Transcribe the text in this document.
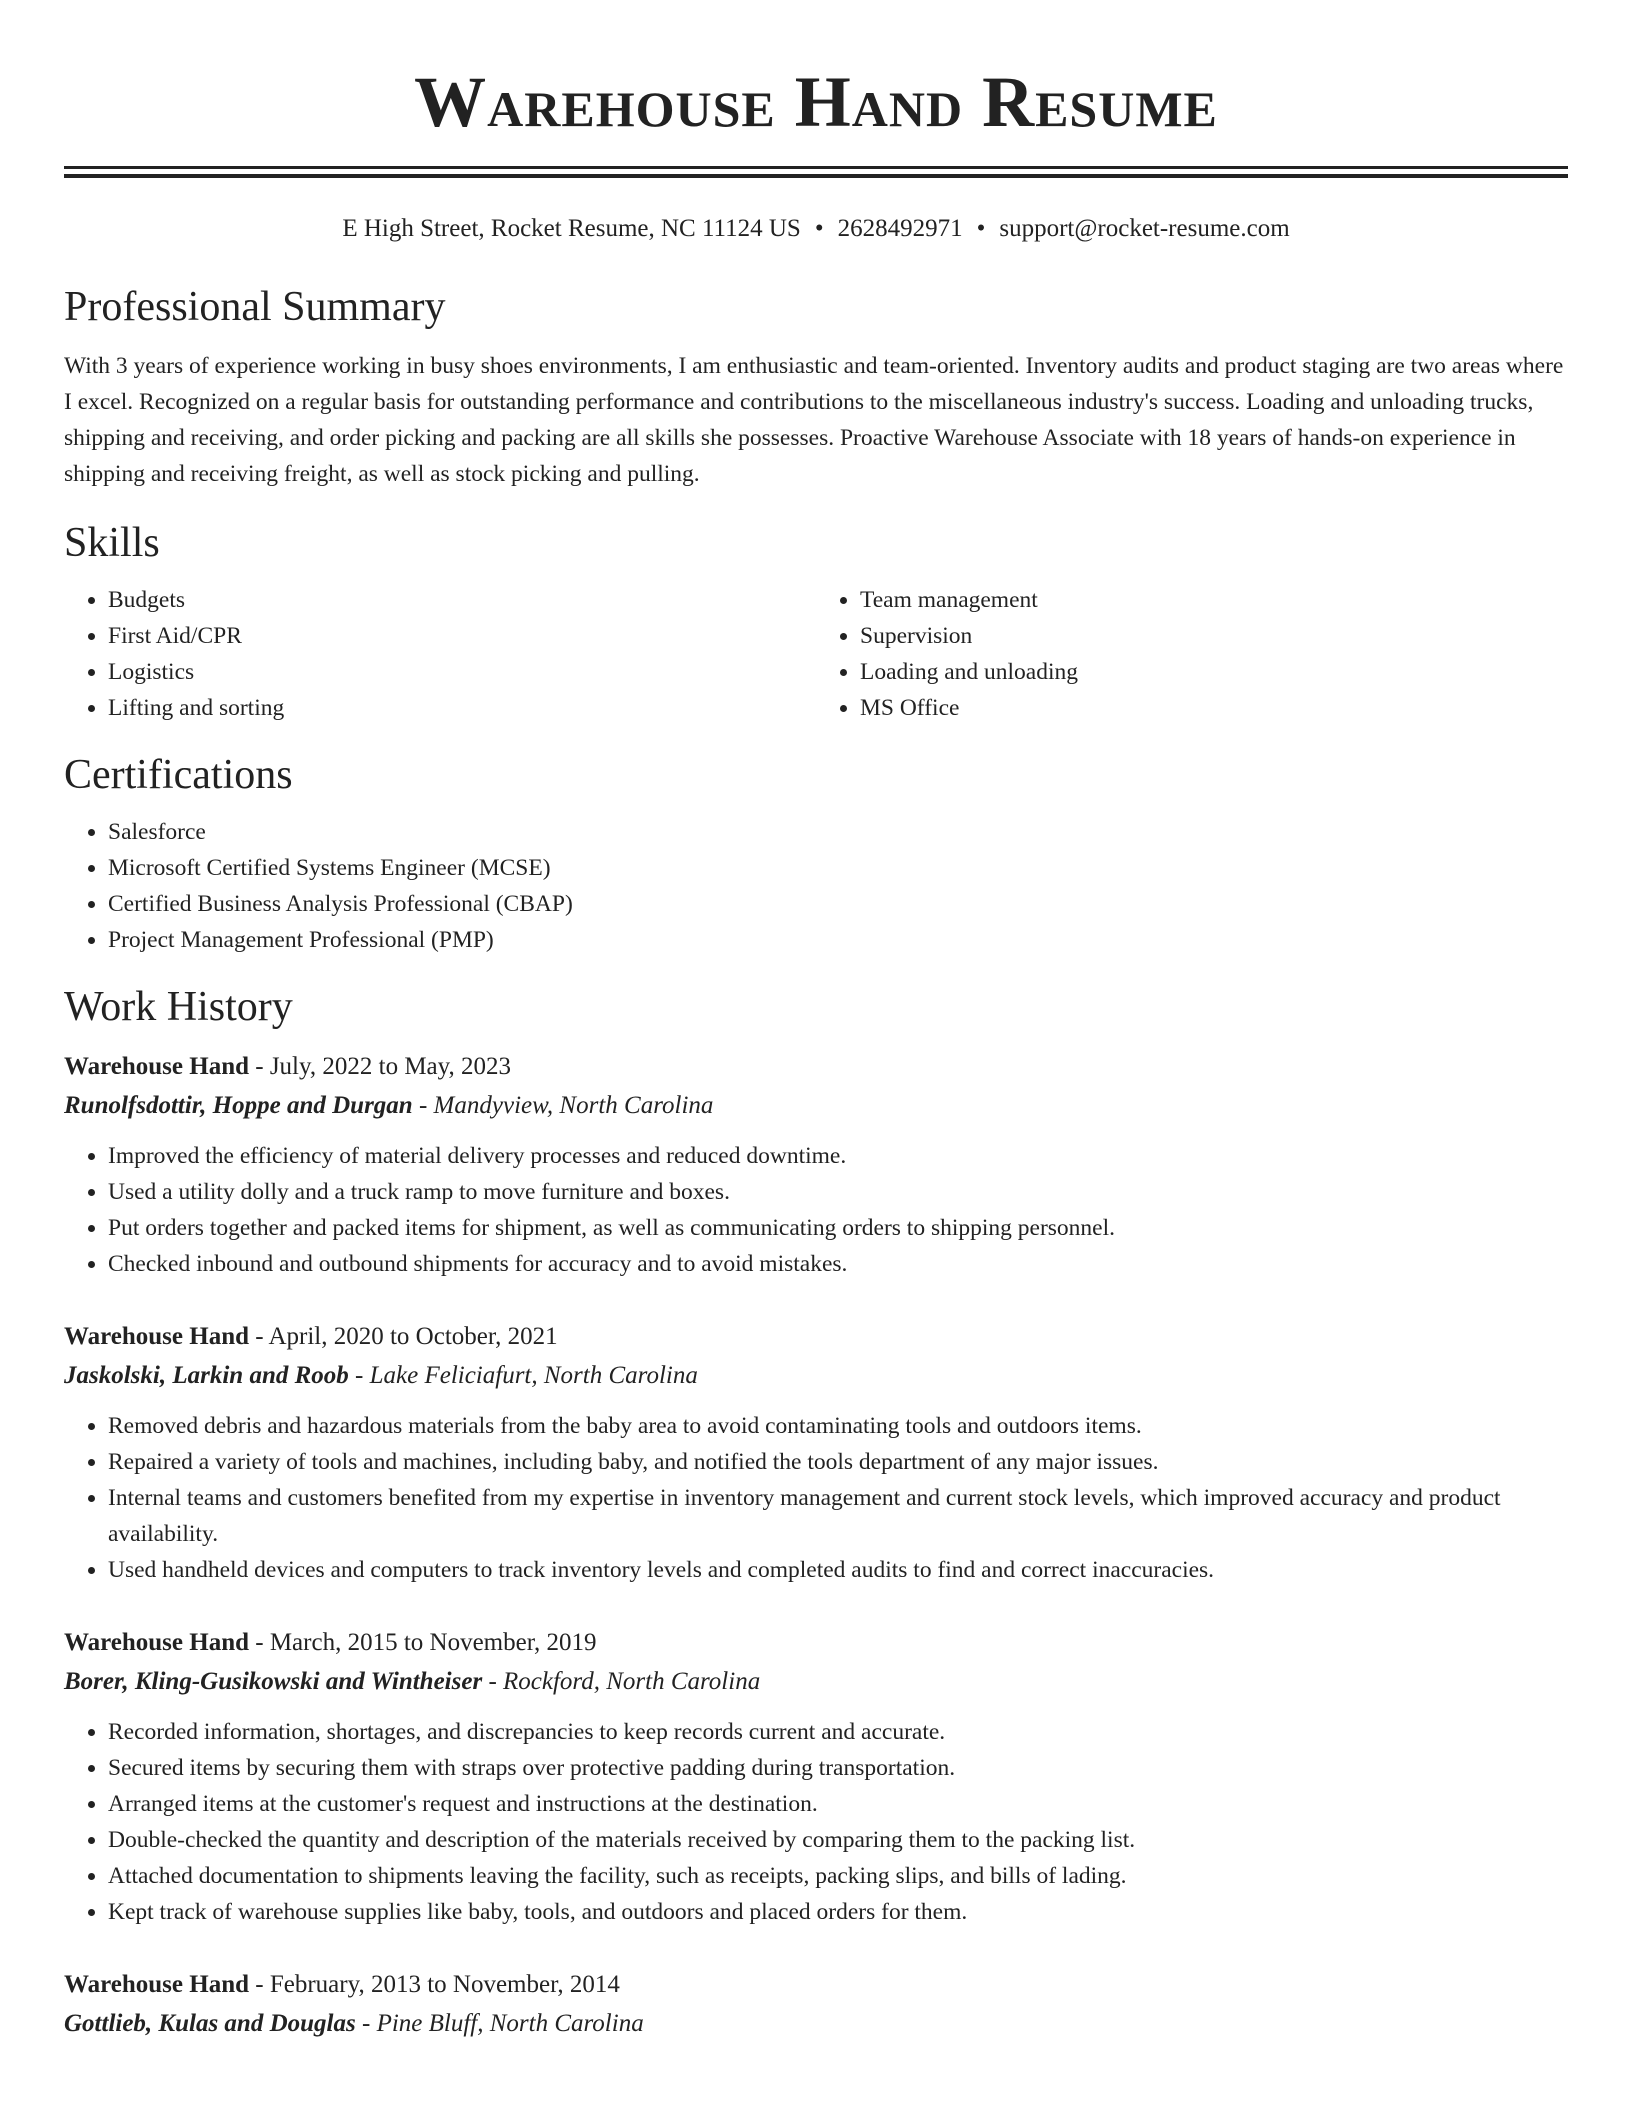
Warehouse Hand Resume
E High Street, Rocket Resume, NC 11124 US • 2628492971 • support@rocket-resume.com
Professional Summary

With 3 years of experience working in busy shoes environments, I am enthusiastic and team-oriented. Inventory audits and product staging are two areas where I excel. Recognized on a regular basis for outstanding performance and contributions to the miscellaneous industry's success. Loading and unloading trucks, shipping and receiving, and order picking and packing are all skills she possesses. Proactive Warehouse Associate with 18 years of hands-on experience in shipping and receiving freight, as well as stock picking and pulling.

Skills
• Budgets
• First Aid/CPR
• Logistics
• Lifting and sorting
• Team management
• Supervision
• Loading and unloading
• MS Office
Certifications
• Salesforce
• Microsoft Certified Systems Engineer (MCSE)
• Certified Business Analysis Professional (CBAP)
• Project Management Professional (PMP)
Work History
Warehouse Hand - July, 2022 to May, 2023
Runolfsdottir, Hoppe and Durgan - Mandyview, North Carolina
• Improved the efficiency of material delivery processes and reduced downtime.
• Used a utility dolly and a truck ramp to move furniture and boxes.
• Put orders together and packed items for shipment, as well as communicating orders to shipping personnel.
• Checked inbound and outbound shipments for accuracy and to avoid mistakes.
Warehouse Hand - April, 2020 to October, 2021
Jaskolski, Larkin and Roob - Lake Feliciafurt, North Carolina
• Removed debris and hazardous materials from the baby area to avoid contaminating tools and outdoors items.
• Repaired a variety of tools and machines, including baby, and notified the tools department of any major issues.
• Internal teams and customers benefited from my expertise in inventory management and current stock levels, which improved accuracy and product availability.
• Used handheld devices and computers to track inventory levels and completed audits to find and correct inaccuracies.
Warehouse Hand - March, 2015 to November, 2019
Borer, Kling-Gusikowski and Wintheiser - Rockford, North Carolina
• Recorded information, shortages, and discrepancies to keep records current and accurate.
• Secured items by securing them with straps over protective padding during transportation.
• Arranged items at the customer's request and instructions at the destination.
• Double-checked the quantity and description of the materials received by comparing them to the packing list.
• Attached documentation to shipments leaving the facility, such as receipts, packing slips, and bills of lading.
• Kept track of warehouse supplies like baby, tools, and outdoors and placed orders for them.
Warehouse Hand - February, 2013 to November, 2014
Gottlieb, Kulas and Douglas - Pine Bluff, North Carolina
